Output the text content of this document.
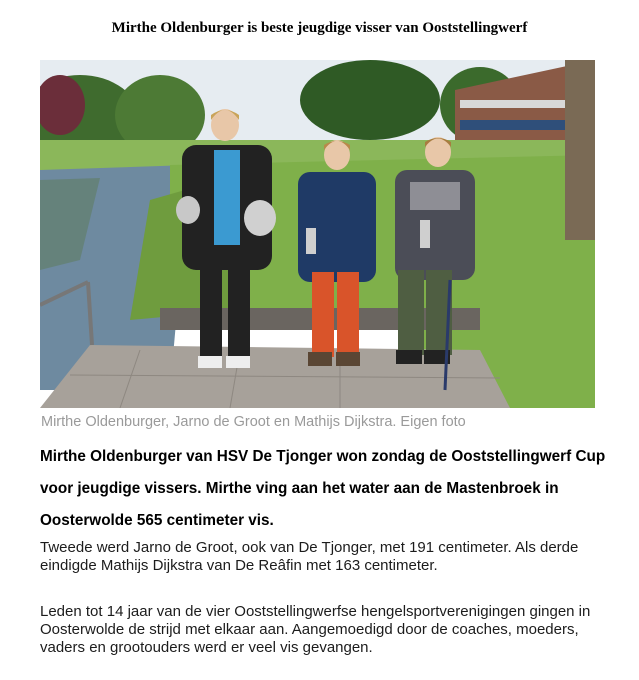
Mirthe Oldenburger is beste jeugdige visser van Ooststellingwerf
Mirthe Oldenburger, Jarno de Groot en Mathijs Dijkstra. Eigen foto
Mirthe Oldenburger van HSV De Tjonger won zondag de Ooststellingwerf Cup
voor jeugdige vissers. Mirthe ving aan het water aan de Mastenbroek in
Oosterwolde 565 centimeter vis.
Tweede werd Jarno de Groot, ook van De Tjonger, met 191 centimeter. Als derde
eindigde Mathijs Dijkstra van De Reâfin met 163 centimeter.
Leden tot 14 jaar van de vier Ooststellingwerfse hengelsportverenigingen gingen in
Oosterwolde de strijd met elkaar aan. Aangemoedigd door de coaches, moeders,
vaders en grootouders werd er veel vis gevangen.
